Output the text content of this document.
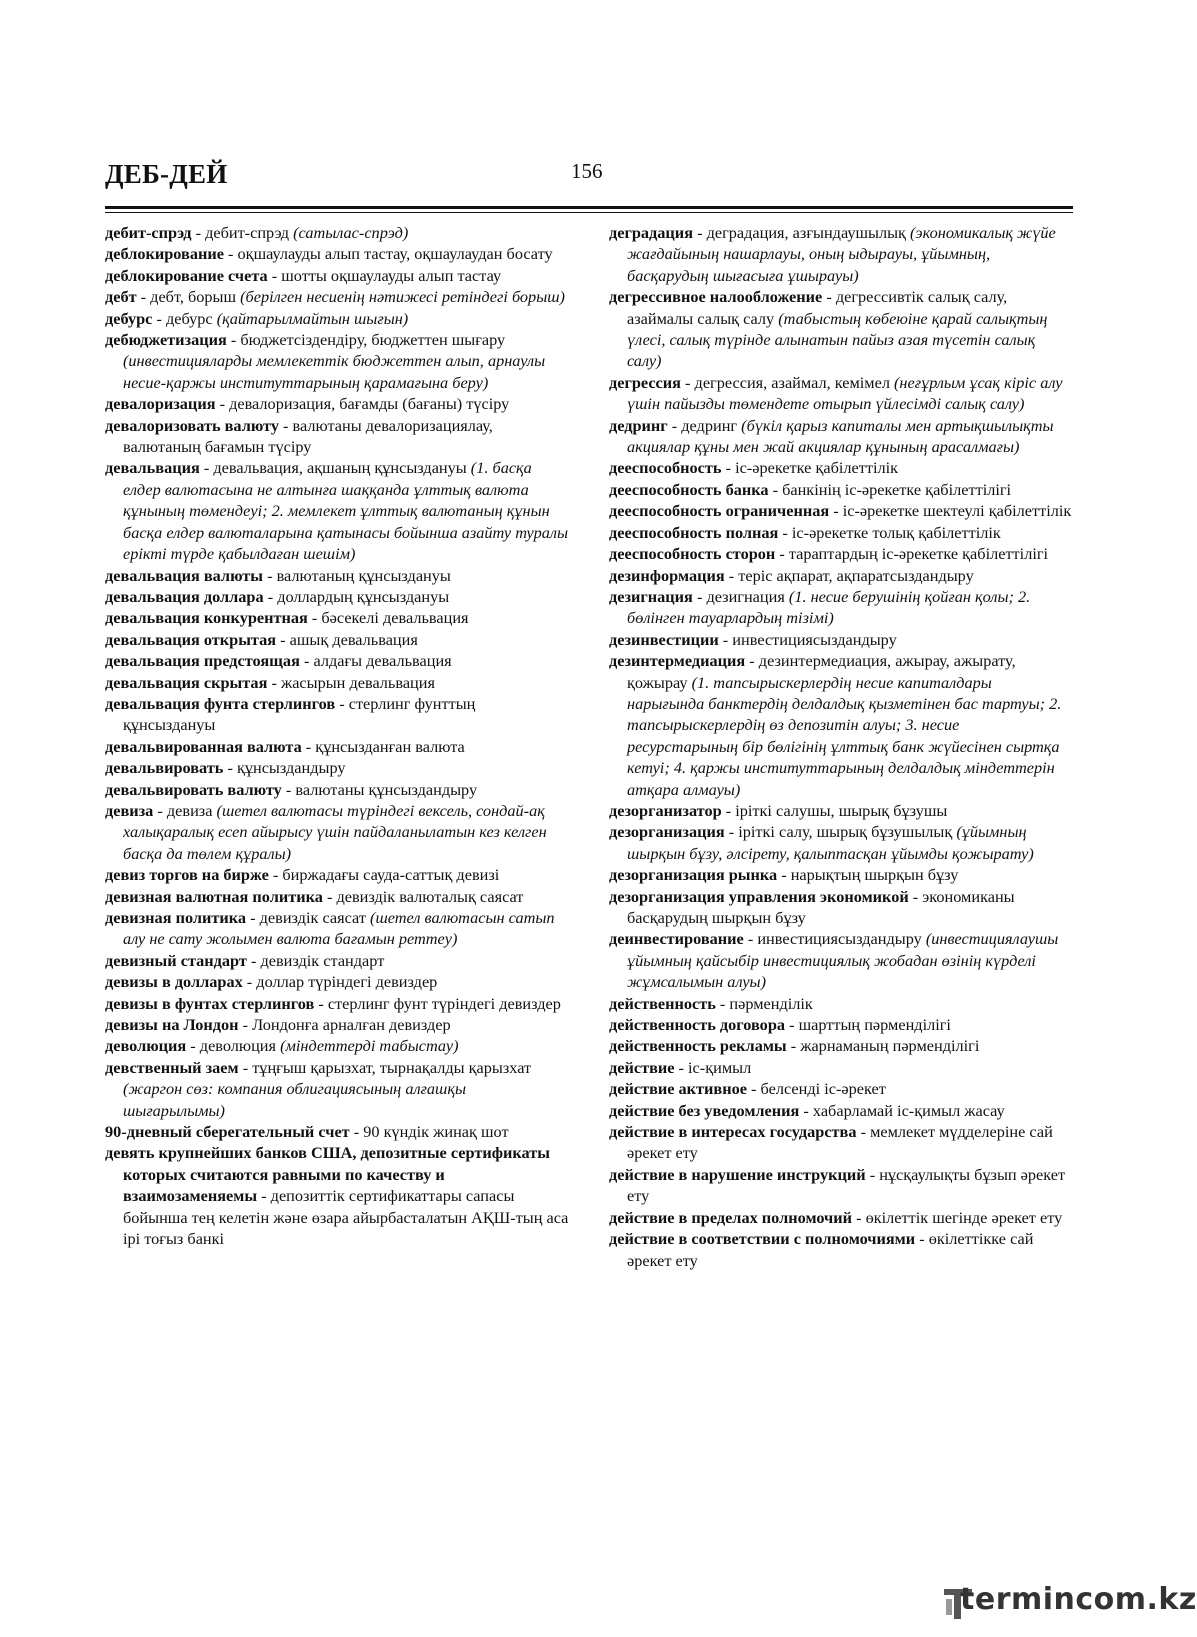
ДЕБ-ДЕЙ	156

дебит-спрэд - дебит-спрэд (сатылас-спрэд)

деблокирование - оқшаулауды алып тастау, оқшаулаудан босату

деблокирование счета - шотты оқшаулауды алып тастау

дебт - дебт, борыш (берілген несиенің нәтижесі ретіндегі борыш)

дебурс - дебурс (қайтарылмайтын шығын)

дебюджетизация - бюджетсіздендіру, бюджеттен шығару (инвестицияларды мемлекеттік бюджеттен алып, арнаулы несие-қаржы институттарының қарамағына беру)

девалоризация - девалоризация, бағамды (бағаны) түсіру

девалоризовать валюту - валютаны девалоризациялау, валютаның бағамын түсіру

девальвация - девальвация, ақшаның құнсыздануы (1. басқа елдер валютасына не алтынға шаққанда ұлттық валюта құнының төмендеуі; 2. мемлекет ұлттық валютаның құнын басқа елдер валюталарына қатынасы бойынша азайту туралы ерікті түрде қабылдаған шешім)

девальвация валюты - валютаның құнсыздануы

девальвация доллара - доллардың құнсыздануы

девальвация конкурентная - бәсекелі девальвация

девальвация открытая - ашық девальвация

девальвация предстоящая - алдағы девальвация

девальвация скрытая - жасырын девальвация

девальвация фунта стерлингов - стерлинг фунттың құнсыздануы

девальвированная валюта - құнсызданған валюта

девальвировать - құнсыздандыру

девальвировать валюту - валютаны құнсыздандыру

девиза - девиза (шетел валютасы түріндегі вексель, сондай-ақ халықаралық есеп айырысу үшін пайдаланылатын кез келген басқа да төлем құралы)

девиз торгов на бирже - биржадағы сауда-саттық девизі

девизная валютная политика - девиздік валюталық саясат

девизная политика - девиздік саясат (шетел валютасын сатып алу не сату жолымен валюта бағамын реттеу)

девизный стандарт - девиздік стандарт

девизы в долларах - доллар түріндегі девиздер

девизы в фунтах стерлингов - стерлинг фунт түріндегі девиздер

девизы на Лондон - Лондонға арналған девиздер

деволюция - деволюция (міндеттерді табыстау)

девственный заем - тұңғыш қарызхат, тырнақалды қарызхат (жаргон сөз: компания облигациясының алғашқы шығарылымы)

90-дневный сберегательный счет - 90 күндік жинақ шот

девять крупнейших банков США, депозитные сертификаты которых считаются равными по качеству и взаимозаменяемы - депозиттік сертификаттары сапасы бойынша тең келетін және өзара айырбасталатын АҚШ-тың аса ірі тоғыз банкі

деградация - деградация, азғындаушылық (экономикалық жүйе жағдайының нашарлауы, оның ыдырауы, ұйымның, басқарудың шығасыға ұшырауы)

дегрессивное налообложение - дегрессивтік салық салу, азаймалы салық салу (табыстың көбеюіне қарай салықтың үлесі, салық түрінде алынатын пайыз азая түсетін салық салу)

дегрессия - дегрессия, азаймал, кемімел (неғұрлым ұсақ кіріс алу үшін пайызды төмендете отырып үйлесімді салық салу)

дедринг - дедринг (бүкіл қарыз капиталы мен артықшылықты акциялар құны мен жай акциялар құнының арасалмағы)

дееспособность - іс-әрекетке қабілеттілік

дееспособность банка - банкінің іс-әрекетке қабілеттілігі

дееспособность ограниченная - іс-әрекетке шектеулі қабілеттілік

дееспособность полная - іс-әрекетке толық қабілеттілік

дееспособность сторон - тараптардың іс-әрекетке қабілеттілігі

дезинформация - теріс ақпарат, ақпаратсыздандыру

дезигнация - дезигнация (1. несие берушінің қойған қолы; 2. бөлінген тауарлардың тізімі)

дезинвестиции - инвестициясыздандыру

дезинтермедиация - дезинтермедиация, ажырау, ажырату, қожырау (1. тапсырыскерлердің несие капиталдары нарығында банктердің делдалдық қызметінен бас тартуы; 2. тапсырыскерлердің өз депозитін алуы; 3. несие ресурстарының бір бөлігінің ұлттық банк жүйесінен сыртқа кетуі; 4. қаржы институттарының делдалдық міндеттерін атқара алмауы)

дезорганизатор - іріткі салушы, шырық бұзушы

дезорганизация - іріткі салу, шырық бұзушылық (ұйымның шырқын бұзу, әлсірету, қалыптасқан ұйымды қожырату)

дезорганизация рынка - нарықтың шырқын бұзу

дезорганизация управления экономикой - экономиканы басқарудың шырқын бұзу

деинвестирование - инвестициясыздандыру (инвестициялаушы ұйымның қайсыбір инвестициялық жобадан өзінің күрделі жұмсалымын алуы)

действенность - пәрменділік

действенность договора - шарттың пәрменділігі

действенность рекламы - жарнаманың пәрменділігі

действие - іс-қимыл

действие активное - белсенді іс-әрекет

действие без уведомления - хабарламай іс-қимыл жасау

действие в интересах государства - мемлекет мүдделеріне сай әрекет ету

действие в нарушение инструкций - нұсқаулықты бұзып әрекет ету

действие в пределах полномочий - өкілеттік шегінде әрекет ету

действие в соответствии с полномочиями - өкілеттікке сай әрекет ету

termincom.kz
